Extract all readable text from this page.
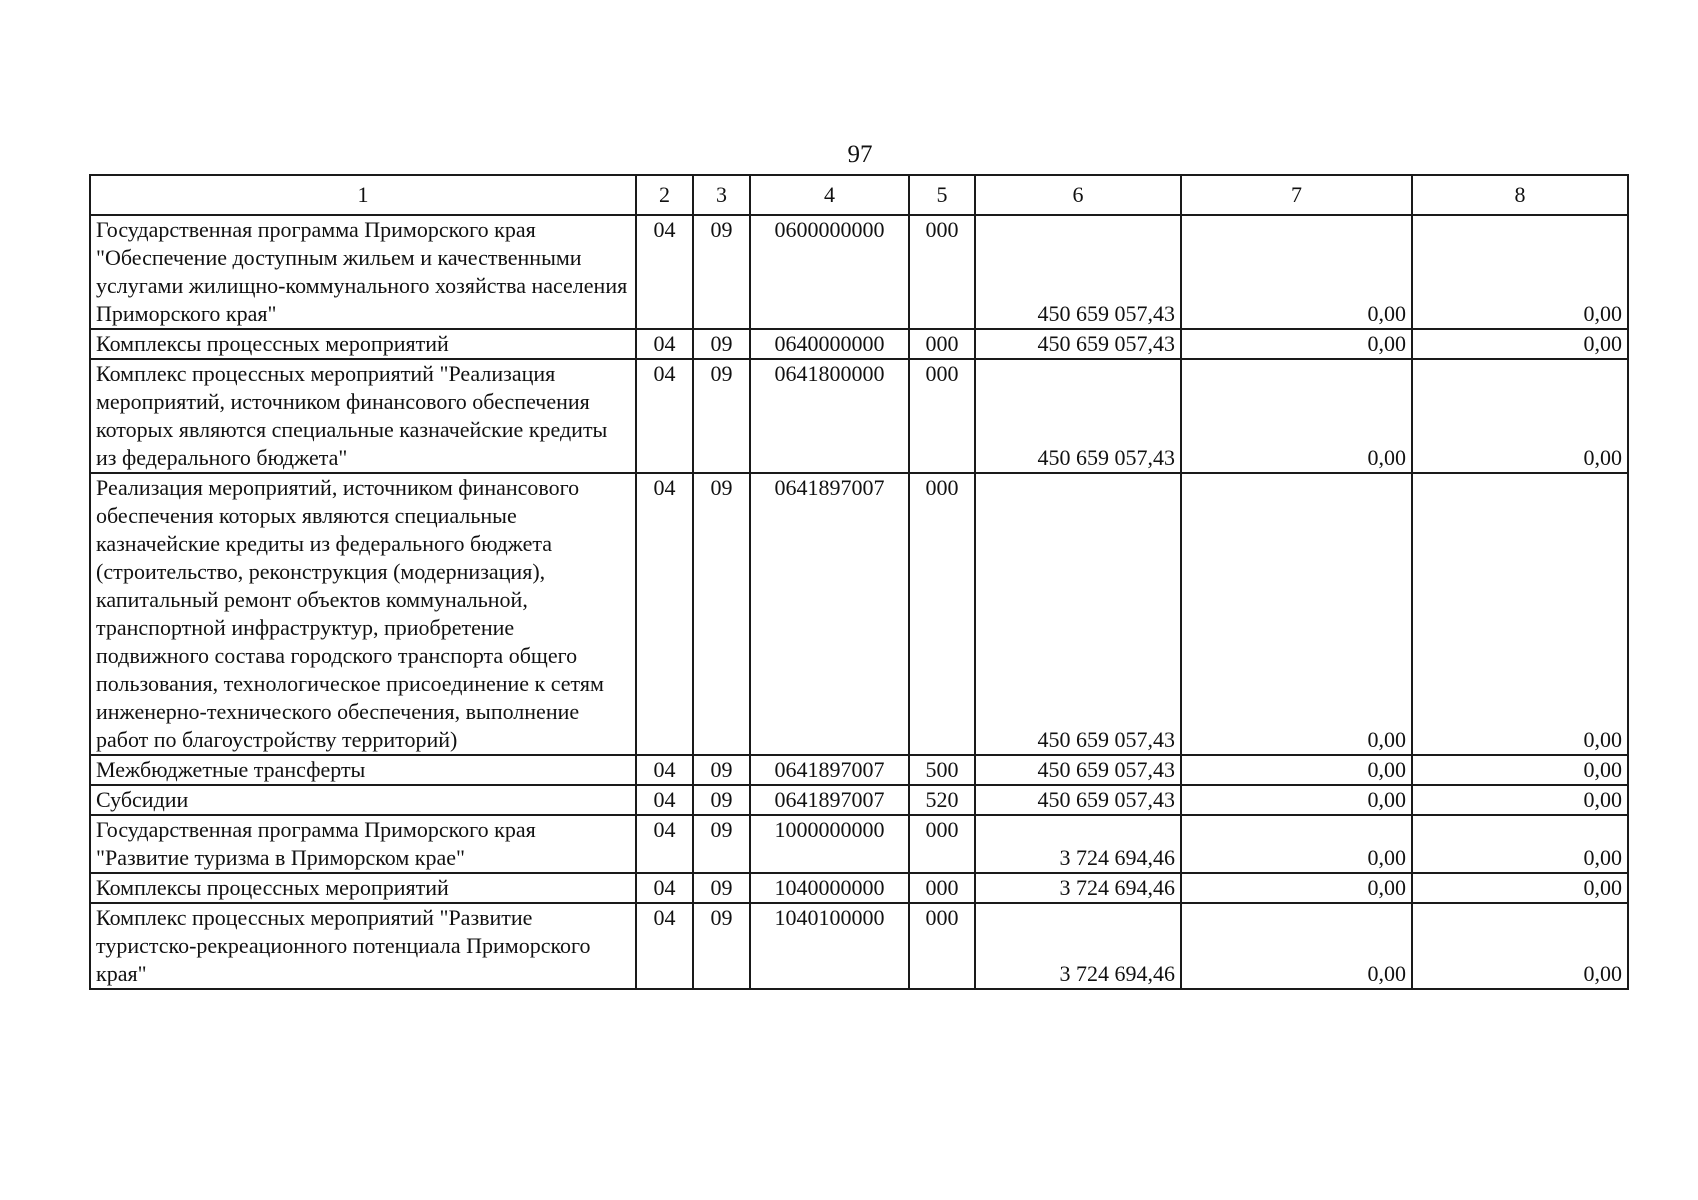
97
1	2	3	4	5	6	7	8
Государственная программа Приморского края "Обеспечение доступным жильем и качественными услугами жилищно-коммунального хозяйства населения Приморского края"	04	09	0600000000	000	450 659 057,43	0,00	0,00
Комплексы процессных мероприятий	04	09	0640000000	000	450 659 057,43	0,00	0,00
Комплекс процессных мероприятий "Реализация мероприятий, источником финансового обеспечения которых являются специальные казначейские кредиты из федерального бюджета"	04	09	0641800000	000	450 659 057,43	0,00	0,00
Реализация мероприятий, источником финансового обеспечения которых являются специальные казначейские кредиты из федерального бюджета (строительство, реконструкция (модернизация), капитальный ремонт объектов коммунальной, транспортной инфраструктур, приобретение подвижного состава городского транспорта общего пользования, технологическое присоединение к сетям инженерно-технического обеспечения, выполнение работ по благоустройству территорий)	04	09	0641897007	000	450 659 057,43	0,00	0,00
Межбюджетные трансферты	04	09	0641897007	500	450 659 057,43	0,00	0,00
Субсидии	04	09	0641897007	520	450 659 057,43	0,00	0,00
Государственная программа Приморского края "Развитие туризма в Приморском крае"	04	09	1000000000	000	3 724 694,46	0,00	0,00
Комплексы процессных мероприятий	04	09	1040000000	000	3 724 694,46	0,00	0,00
Комплекс процессных мероприятий "Развитие туристско-рекреационного потенциала Приморского края"	04	09	1040100000	000	3 724 694,46	0,00	0,00
